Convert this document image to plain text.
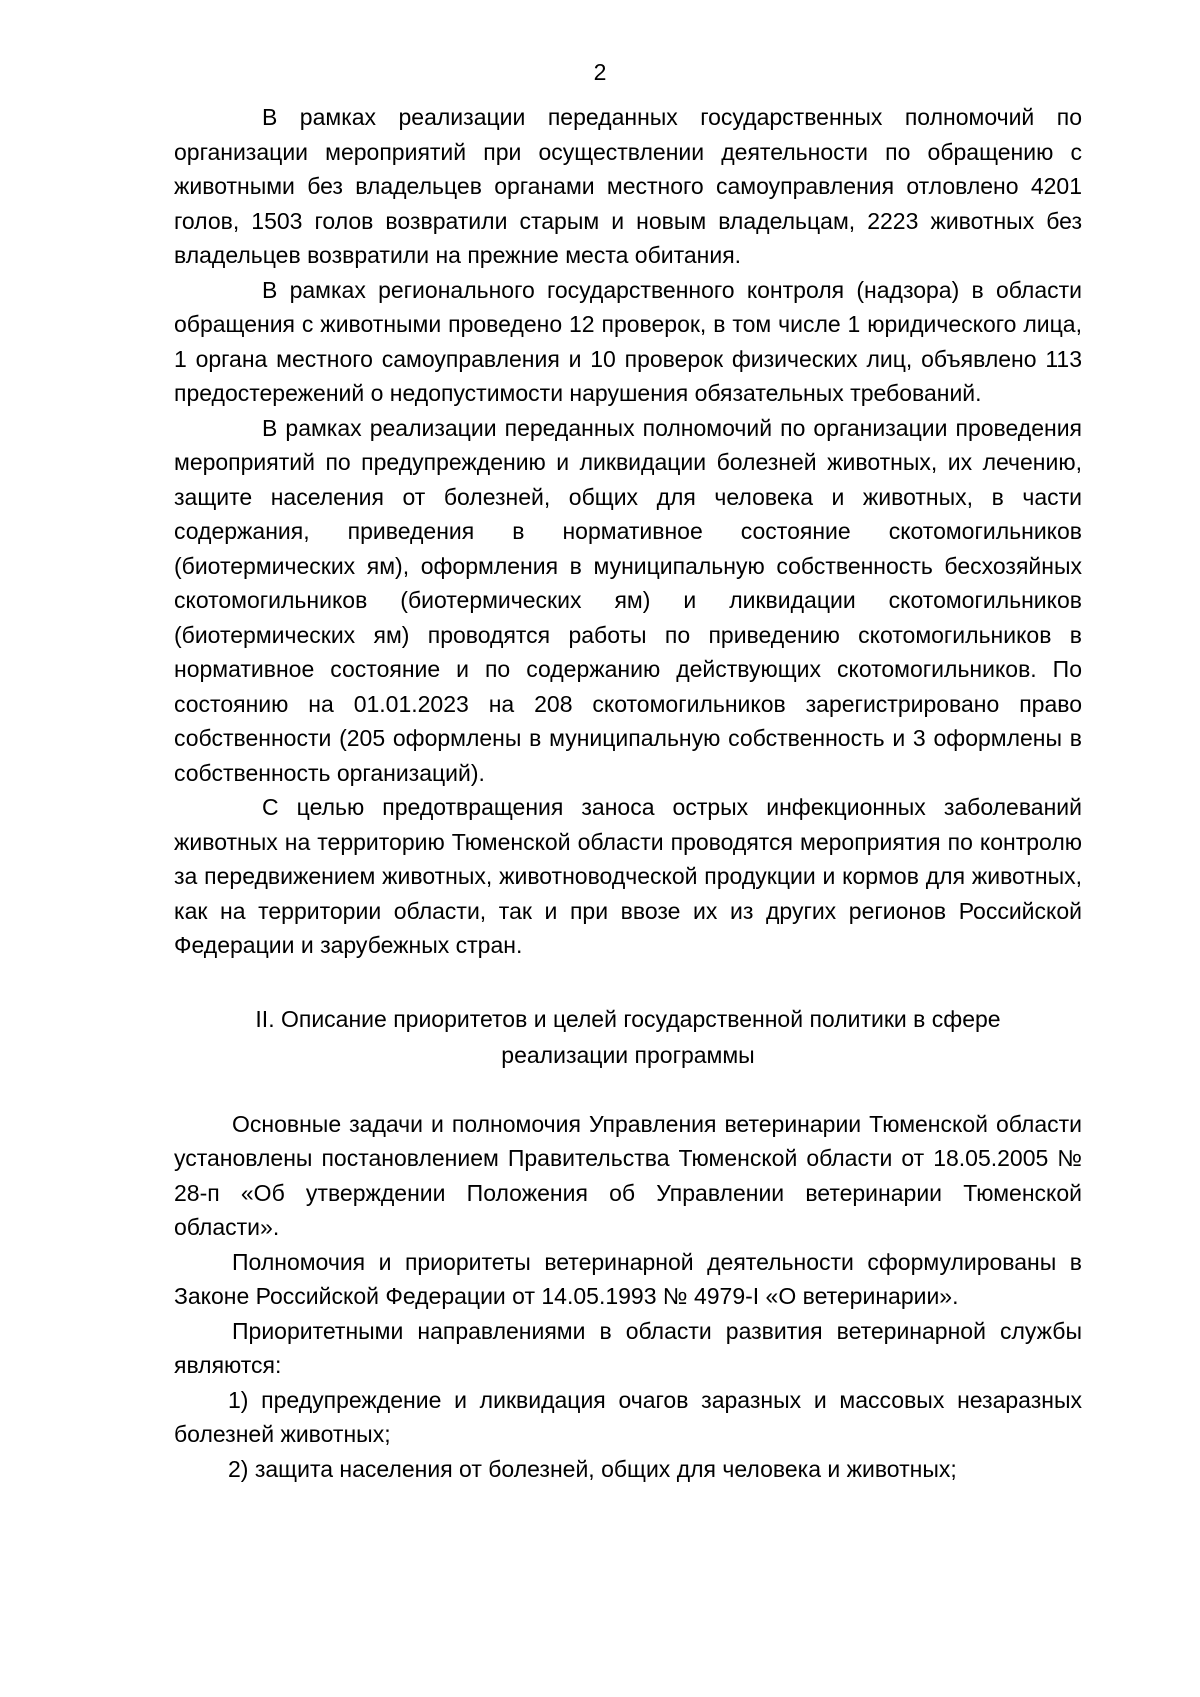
2

В рамках реализации переданных государственных полномочий по организации мероприятий при осуществлении деятельности по обращению с животными без владельцев органами местного самоуправления отловлено 4201 голов, 1503 голов возвратили старым и новым владельцам, 2223 животных без владельцев возвратили на прежние места обитания.

В рамках регионального государственного контроля (надзора) в области обращения с животными проведено 12 проверок, в том числе 1 юридического лица, 1 органа местного самоуправления и 10 проверок физических лиц, объявлено 113 предостережений о недопустимости нарушения обязательных требований.

В рамках реализации переданных полномочий по организации проведения мероприятий по предупреждению и ликвидации болезней животных, их лечению, защите населения от болезней, общих для человека и животных, в части содержания, приведения в нормативное состояние скотомогильников (биотермических ям), оформления в муниципальную собственность бесхозяйных скотомогильников (биотермических ям) и ликвидации скотомогильников (биотермических ям) проводятся работы по приведению скотомогильников в нормативное состояние и по содержанию действующих скотомогильников. По состоянию на 01.01.2023 на 208 скотомогильников зарегистрировано право собственности (205 оформлены в муниципальную собственность и 3 оформлены в собственность организаций).

С целью предотвращения заноса острых инфекционных заболеваний животных на территорию Тюменской области проводятся мероприятия по контролю за передвижением животных, животноводческой продукции и кормов для животных, как на территории области, так и при ввозе их из других регионов Российской Федерации и зарубежных стран.

II. Описание приоритетов и целей государственной политики в сфере
реализации программы

Основные задачи и полномочия Управления ветеринарии Тюменской области установлены постановлением Правительства Тюменской области от 18.05.2005 № 28-п «Об утверждении Положения об Управлении ветеринарии Тюменской области».

Полномочия и приоритеты ветеринарной деятельности сформулированы в Законе Российской Федерации от 14.05.1993 № 4979-I «О ветеринарии».

Приоритетными направлениями в области развития ветеринарной службы являются:

1) предупреждение и ликвидация очагов заразных и массовых незаразных болезней животных;

2) защита населения от болезней, общих для человека и животных;
